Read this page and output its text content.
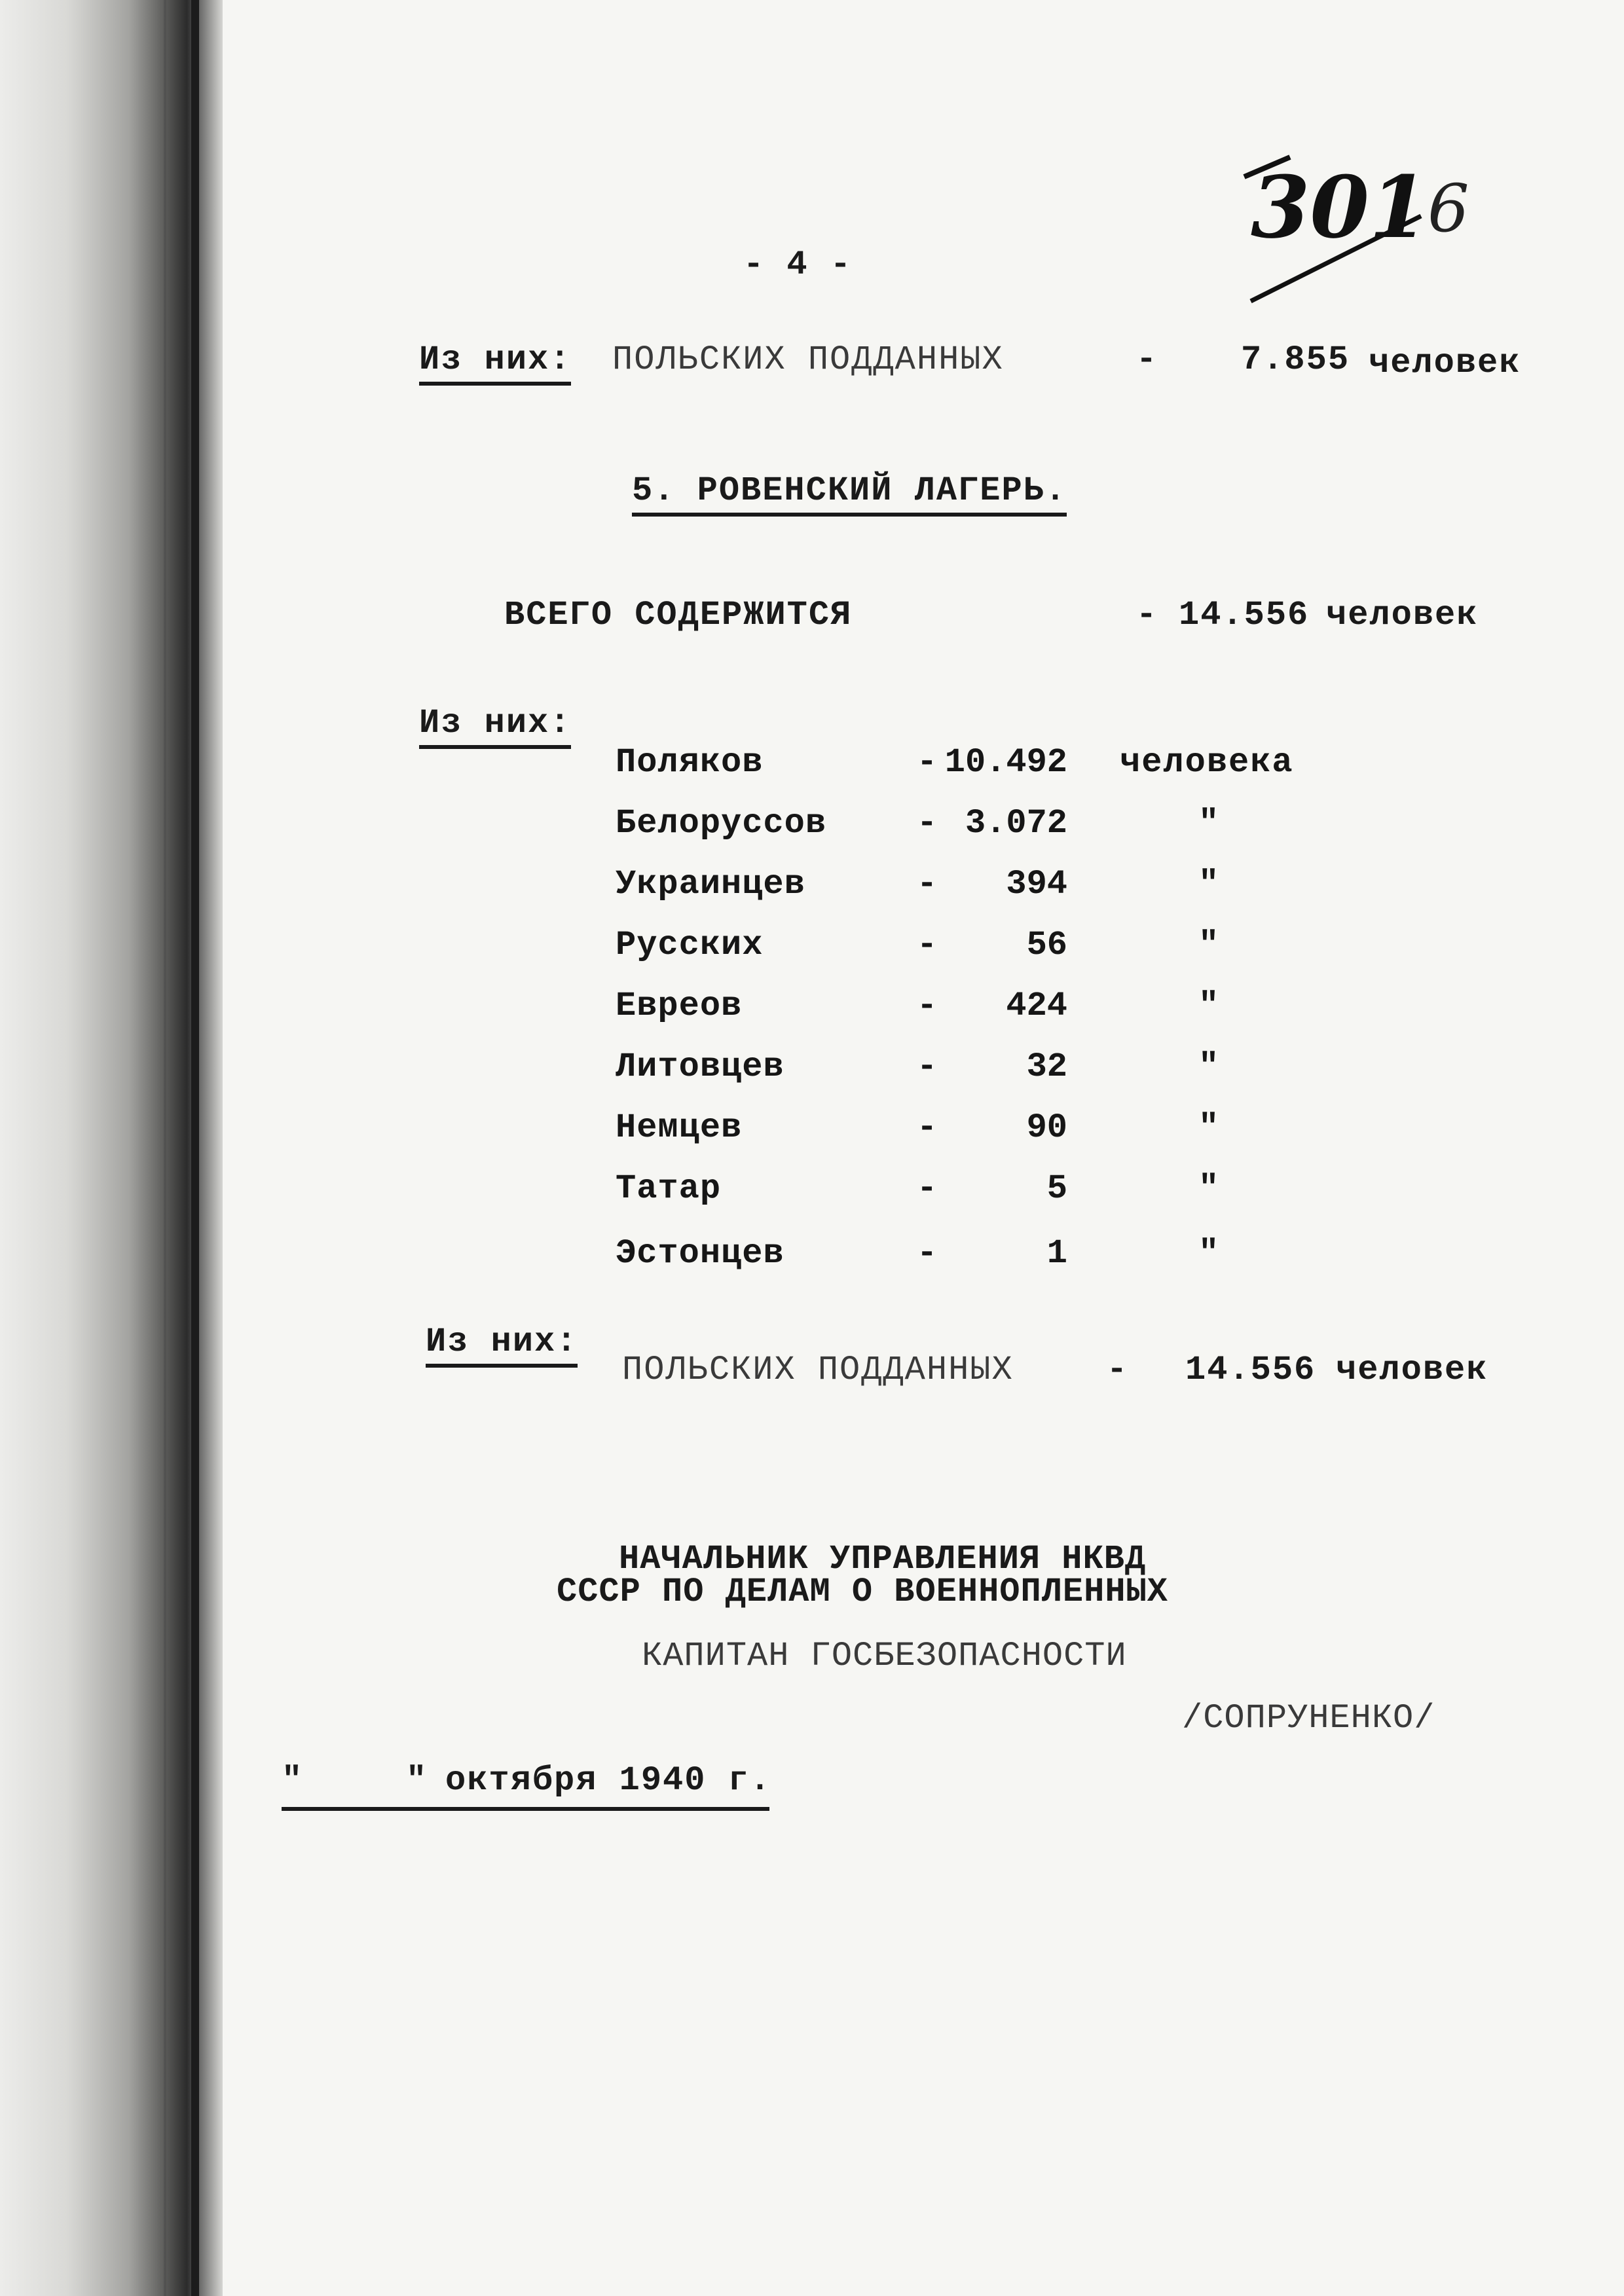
301
6
- 4 -
Из них: ПОЛЬСКИХ ПОДДАННЫХ	- 7.855 человек
5. РОВЕНСКИЙ ЛАГЕРЬ.
ВСЕГО СОДЕРЖИТСЯ	- 14.556 человек
Из них:
Поляков	- 10.492 человека
Белоруссов	- 3.072	"
Украинцев	- 394	"
Русских	-	56	"
Евреов	- 424	"
Литовцев	-	32	"
Немцев	-	90	"
Татар	-	5	"
Эстонцев	-	1	"
Из них:
ПОЛЬСКИХ ПОДДАННЫХ	- 14.556 человек
НАЧАЛЬНИК УПРАВЛЕНИЯ НКВД
СССР ПО ДЕЛАМ О ВОЕННОПЛЕННЫХ
КАПИТАН ГОСБЕЗОПАСНОСТИ
/СОПРУНЕНКО/
"	" октября 1940 г.
